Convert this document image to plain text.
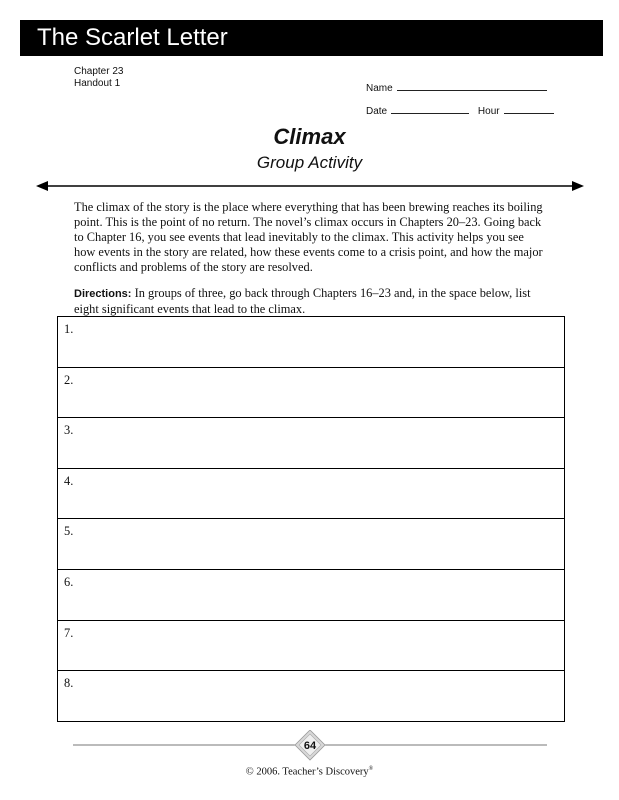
The Scarlet Letter
Chapter 23
Handout 1	Name
Date	Hour
Climax
Group Activity
The climax of the story is the place where everything that has been brewing reaches its boiling point. This is the point of no return. The novel’s climax occurs in Chapters 20–23. Going back to Chapter 16, you see events that lead inevitably to the climax. This activity helps you see how events in the story are related, how these events come to a crisis point, and how the major conflicts and problems of the story are resolved.
Directions: In groups of three, go back through Chapters 16–23 and, in the space below, list eight significant events that lead to the climax.
1.
2.
3.
4.
5.
6.
7.
8.
64
© 2006. Teacher’s Discovery®
